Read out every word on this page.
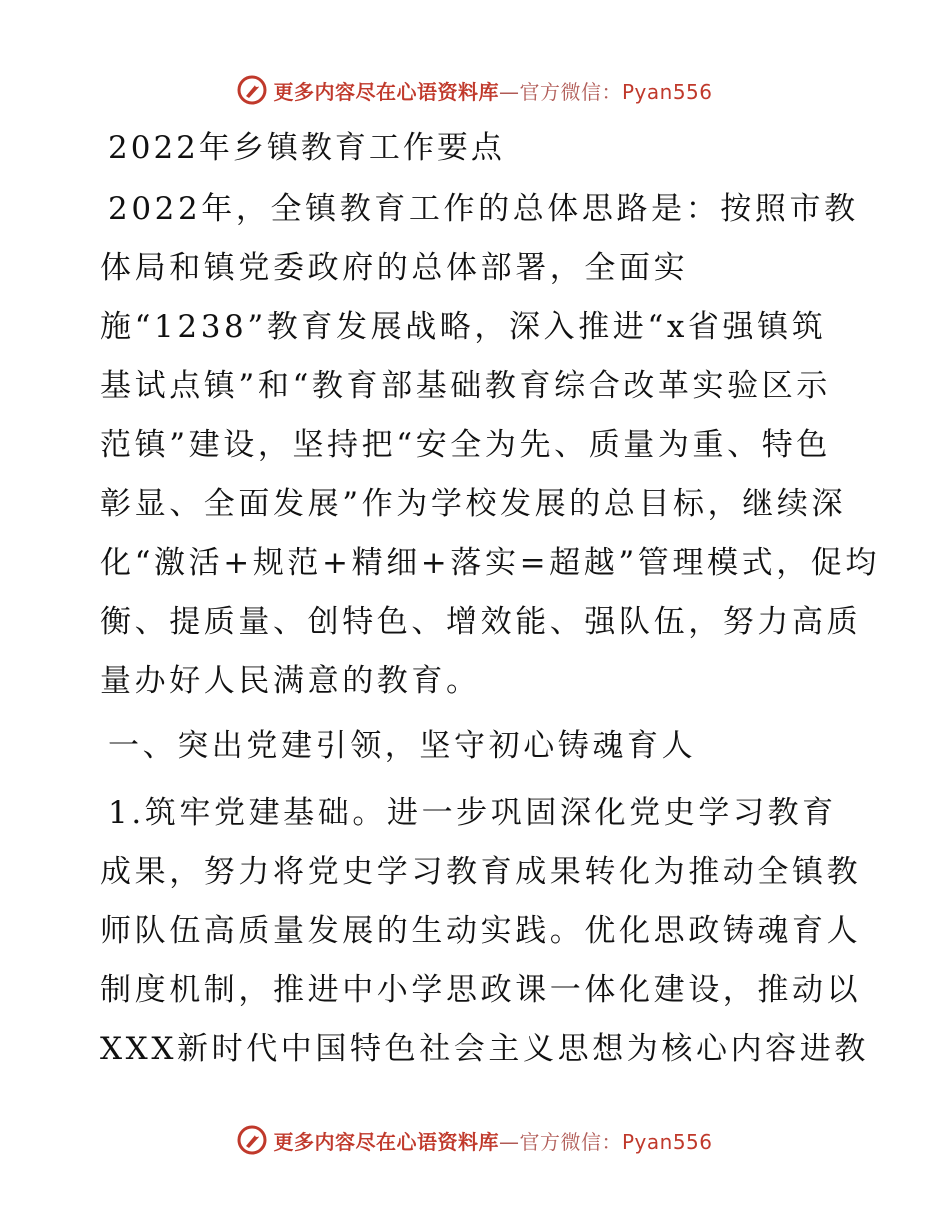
更多内容尽在心语资料库—官方微信：Pyan556
2022年乡镇教育工作要点

2022年，全镇教育工作的总体思路是：按照市教
体局和镇党委政府的总体部署，全面实
施“1238”教育发展战略，深入推进“x省强镇筑
基试点镇”和“教育部基础教育综合改革实验区示
范镇”建设，坚持把“安全为先、质量为重、特色
彰显、全面发展”作为学校发展的总目标，继续深
化“激活+规范+精细+落实=超越”管理模式，促均
衡、提质量、创特色、增效能、强队伍，努力高质
量办好人民满意的教育。

一、突出党建引领，坚守初心铸魂育人

1.筑牢党建基础。进一步巩固深化党史学习教育
成果，努力将党史学习教育成果转化为推动全镇教
师队伍高质量发展的生动实践。优化思政铸魂育人
制度机制，推进中小学思政课一体化建设，推动以
XXX新时代中国特色社会主义思想为核心内容进教

更多内容尽在心语资料库—官方微信：Pyan556
